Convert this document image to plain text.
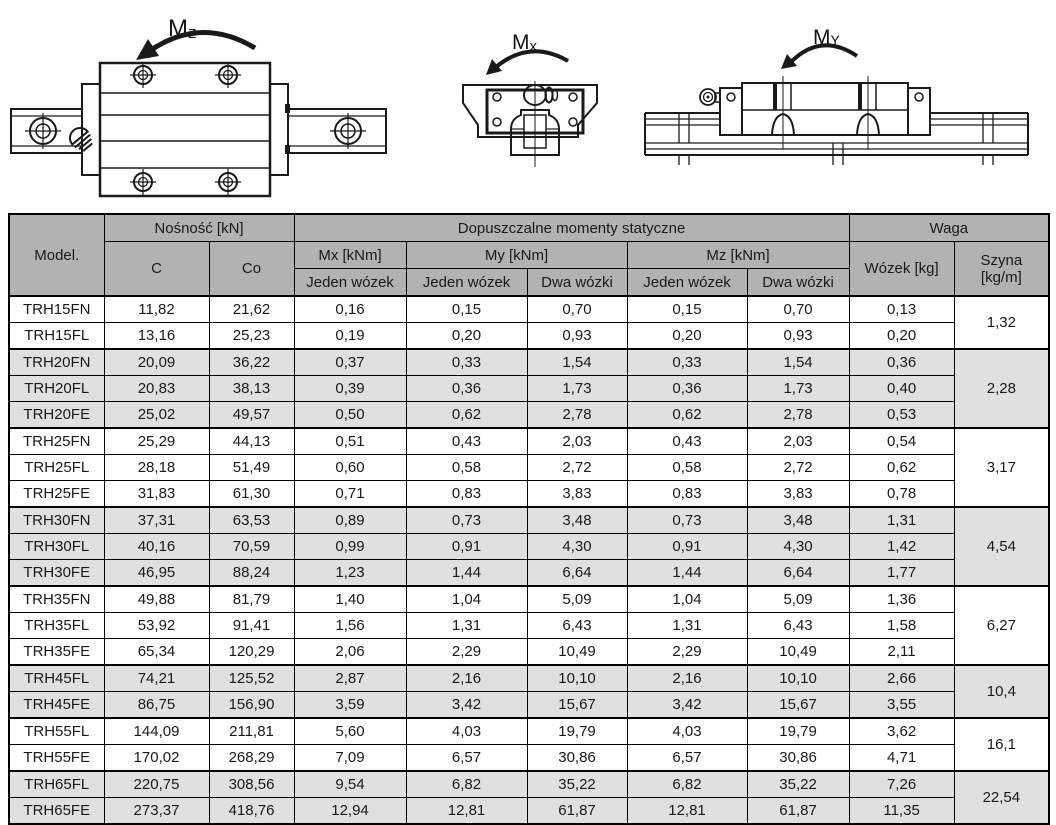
Mz	Mx	MY
Model.	Nośność [kN]		Dopuszczalne momenty statyczne					Waga	
	C	Co	Mx [kNm]	My [kNm]		Mz [kNm]		Wózek [kg]	Szyna [kg/m]
			Jeden wózek	Jeden wózek	Dwa wózki	Jeden wózek	Dwa wózki		
TRH15FN	11,82	21,62	0,16	0,15	0,70	0,15	0,70	0,13	1,32
TRH15FL	13,16	25,23	0,19	0,20	0,93	0,20	0,93	0,20	
TRH20FN	20,09	36,22	0,37	0,33	1,54	0,33	1,54	0,36	2,28
TRH20FL	20,83	38,13	0,39	0,36	1,73	0,36	1,73	0,40	
TRH20FE	25,02	49,57	0,50	0,62	2,78	0,62	2,78	0,53	
TRH25FN	25,29	44,13	0,51	0,43	2,03	0,43	2,03	0,54	3,17
TRH25FL	28,18	51,49	0,60	0,58	2,72	0,58	2,72	0,62	
TRH25FE	31,83	61,30	0,71	0,83	3,83	0,83	3,83	0,78	
TRH30FN	37,31	63,53	0,89	0,73	3,48	0,73	3,48	1,31	4,54
TRH30FL	40,16	70,59	0,99	0,91	4,30	0,91	4,30	1,42	
TRH30FE	46,95	88,24	1,23	1,44	6,64	1,44	6,64	1,77	
TRH35FN	49,88	81,79	1,40	1,04	5,09	1,04	5,09	1,36	6,27
TRH35FL	53,92	91,41	1,56	1,31	6,43	1,31	6,43	1,58	
TRH35FE	65,34	120,29	2,06	2,29	10,49	2,29	10,49	2,11	
TRH45FL	74,21	125,52	2,87	2,16	10,10	2,16	10,10	2,66	10,4
TRH45FE	86,75	156,90	3,59	3,42	15,67	3,42	15,67	3,55	
TRH55FL	144,09	211,81	5,60	4,03	19,79	4,03	19,79	3,62	16,1
TRH55FE	170,02	268,29	7,09	6,57	30,86	6,57	30,86	4,71	
TRH65FL	220,75	308,56	9,54	6,82	35,22	6,82	35,22	7,26	22,54
TRH65FE	273,37	418,76	12,94	12,81	61,87	12,81	61,87	11,35	
